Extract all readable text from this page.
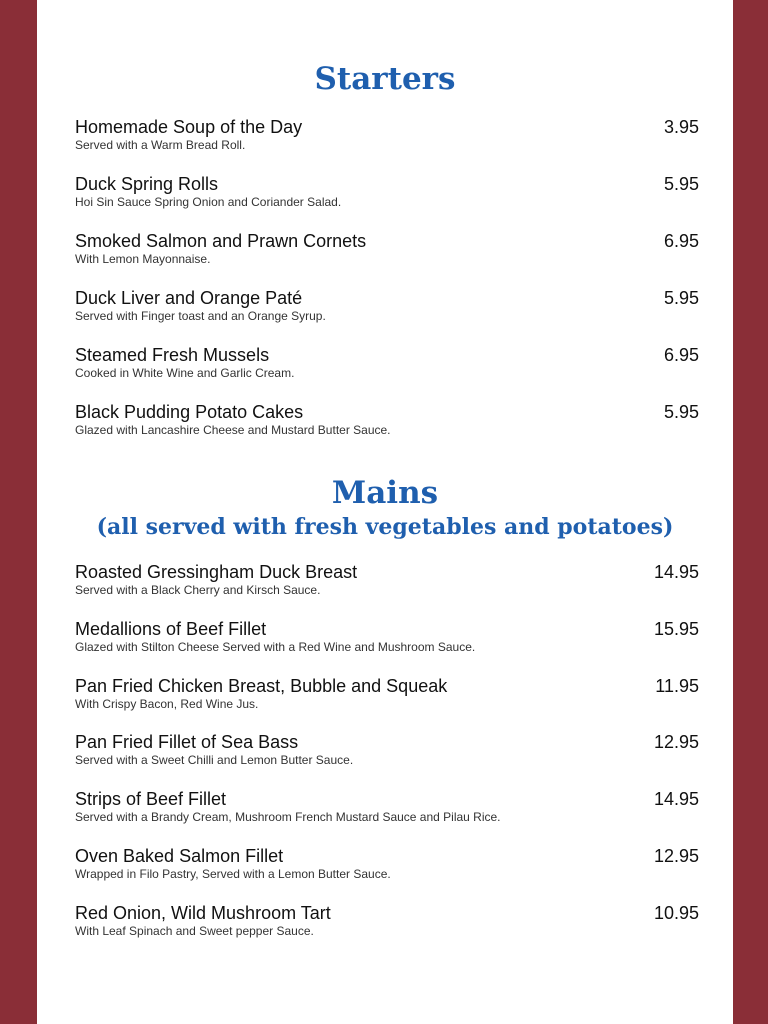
Starters
Homemade Soup of the Day	3.95
Served with a Warm Bread Roll.
Duck Spring Rolls	5.95
Hoi Sin Sauce Spring Onion and Coriander Salad.
Smoked Salmon and Prawn Cornets	6.95
With Lemon Mayonnaise.
Duck Liver and Orange Paté	5.95
Served with Finger toast and an Orange Syrup.
Steamed Fresh Mussels	6.95
Cooked in White Wine and Garlic Cream.
Black Pudding Potato Cakes	5.95
Glazed with Lancashire Cheese and Mustard Butter Sauce.
Mains
(all served with fresh vegetables and potatoes)
Roasted Gressingham Duck Breast	14.95
Served with a Black Cherry and Kirsch Sauce.
Medallions of Beef Fillet	15.95
Glazed with Stilton Cheese Served with a Red Wine and Mushroom Sauce.
Pan Fried Chicken Breast, Bubble and Squeak	11.95
With Crispy Bacon, Red Wine Jus.
Pan Fried Fillet of Sea Bass	12.95
Served with a Sweet Chilli and Lemon Butter Sauce.
Strips of Beef Fillet	14.95
Served with a Brandy Cream, Mushroom French Mustard Sauce and Pilau Rice.
Oven Baked Salmon Fillet	12.95
Wrapped in Filo Pastry, Served with a Lemon Butter Sauce.
Red Onion, Wild Mushroom Tart	10.95
With Leaf Spinach and Sweet pepper Sauce.
